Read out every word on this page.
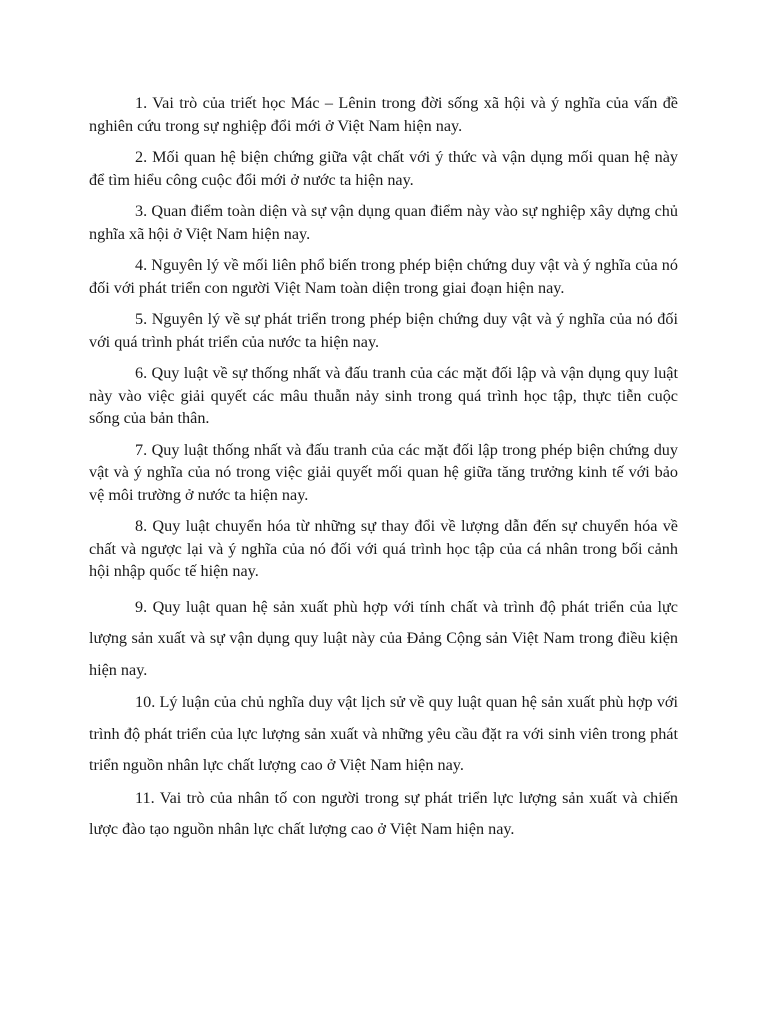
1. Vai trò của triết học Mác – Lênin trong đời sống xã hội và ý nghĩa của vấn đề nghiên cứu trong sự nghiệp đổi mới ở Việt Nam hiện nay.

2. Mối quan hệ biện chứng giữa vật chất với ý thức và vận dụng mối quan hệ này để tìm hiểu công cuộc đổi mới ở nước ta hiện nay.

3. Quan điểm toàn diện và sự vận dụng quan điểm này vào sự nghiệp xây dựng chủ nghĩa xã hội ở Việt Nam hiện nay.

4. Nguyên lý về mối liên phổ biến trong phép biện chứng duy vật và ý nghĩa của nó đối với phát triển con người Việt Nam toàn diện trong giai đoạn hiện nay.

5. Nguyên lý về sự phát triển trong phép biện chứng duy vật và ý nghĩa của nó đối với quá trình phát triển của nước ta hiện nay.

6. Quy luật về sự thống nhất và đấu tranh của các mặt đối lập và vận dụng quy luật này vào việc giải quyết các mâu thuẫn nảy sinh trong quá trình học tập, thực tiễn cuộc sống của bản thân.

7. Quy luật thống nhất và đấu tranh của các mặt đối lập trong phép biện chứng duy vật và ý nghĩa của nó trong việc giải quyết mối quan hệ giữa tăng trưởng kinh tế với bảo vệ môi trường ở nước ta hiện nay.

8. Quy luật chuyển hóa từ những sự thay đổi về lượng dẫn đến sự chuyển hóa về chất và ngược lại và ý nghĩa của nó đối với quá trình học tập của cá nhân trong bối cảnh hội nhập quốc tế hiện nay.

9. Quy luật quan hệ sản xuất phù hợp với tính chất và trình độ phát triển của lực lượng sản xuất và sự vận dụng quy luật này của Đảng Cộng sản Việt Nam trong điều kiện hiện nay.

10. Lý luận của chủ nghĩa duy vật lịch sử về quy luật quan hệ sản xuất phù hợp với trình độ phát triển của lực lượng sản xuất và những yêu cầu đặt ra với sinh viên trong phát triển nguồn nhân lực chất lượng cao ở Việt Nam hiện nay.

11. Vai trò của nhân tố con người trong sự phát triển lực lượng sản xuất và chiến lược đào tạo nguồn nhân lực chất lượng cao ở Việt Nam hiện nay.
